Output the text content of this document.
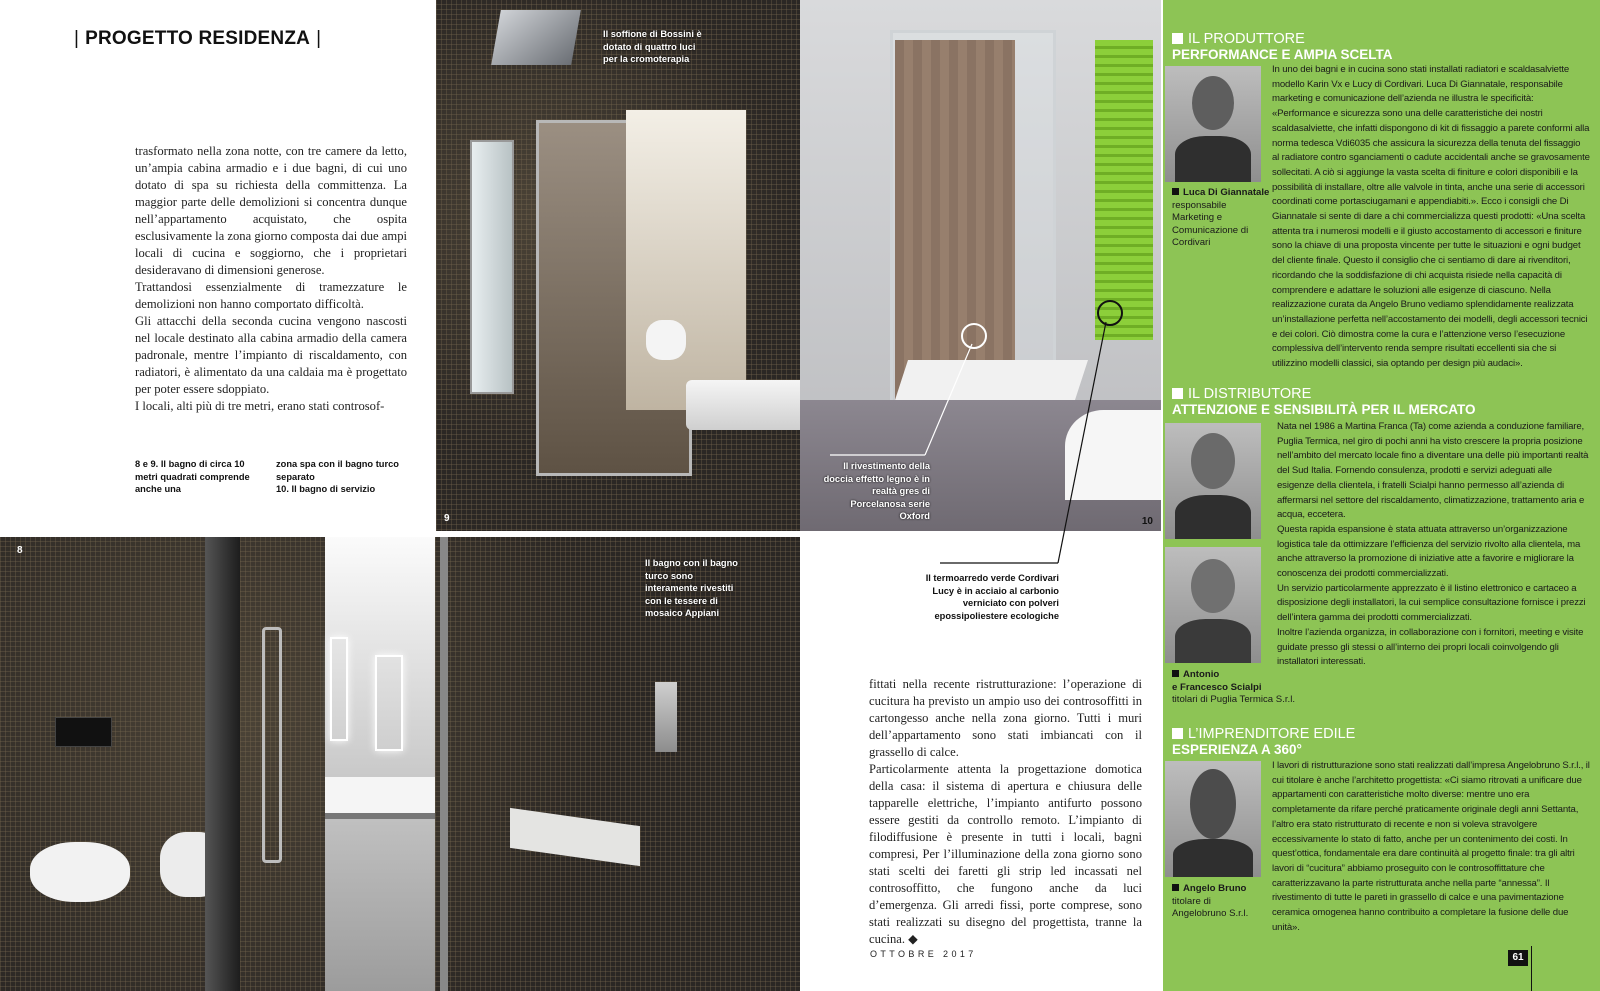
| PROGETTO RESIDENZA |
trasformato nella zona notte, con tre camere da letto, un’ampia cabina armadio e i due bagni, di cui uno dotato di spa su richiesta della committenza. La maggior parte delle demolizioni si concentra dunque nell’appartamento acquistato, che ospita esclusivamente la zona giorno composta dai due ampi locali di cucina e soggiorno, che i proprietari desideravano di dimensioni generose.
Trattandosi essenzialmente di tramezzature le demolizioni non hanno comportato difficoltà.
Gli attacchi della seconda cucina vengono nascosti nel locale destinato alla cabina armadio della camera padronale, mentre l’impianto di riscaldamento, con radiatori, è alimentato da una caldaia ma è progettato per poter essere sdoppiato.
I locali, alti più di tre metri, erano stati controsof-
8 e 9. Il bagno di circa 10 metri quadrati comprende anche una
zona spa con il bagno turco separato
10. Il bagno di servizio
Il soffione di Bossini è dotato di quattro luci per la cromoterapia
9
Il rivestimento della doccia effetto legno è in realtà gres di Porcelanosa serie Oxford	10
Il bagno con il bagno turco sono interamente rivestiti con le tessere di mosaico Appiani
8
Il termoarredo verde Cordivari Lucy è in acciaio al carbonio verniciato con polveri epossipoliestere ecologiche
fittati nella recente ristrutturazione: l’operazione di cucitura ha previsto un ampio uso dei controsoffitti in cartongesso anche nella zona giorno. Tutti i muri dell’appartamento sono stati imbiancati con il grassello di calce.
Particolarmente attenta la progettazione domotica della casa: il sistema di apertura e chiusura delle tapparelle elettriche, l’impianto antifurto possono essere gestiti da controllo remoto. L’impianto di filodiffusione è presente in tutti i locali, bagni compresi, Per l’illuminazione della zona giorno sono stati scelti dei faretti gli strip led incassati nel controsoffitto, che fungono anche da luci d’emergenza. Gli arredi fissi, porte comprese, sono stati realizzati su disegno del progettista, tranne la cucina. ◆
OTTOBRE 2017
IL PRODUTTORE
PERFORMANCE E AMPIA SCELTA
Luca Di Giannatale
responsabile Marketing e Comunicazione di Cordivari
In uno dei bagni e in cucina sono stati installati radiatori e scaldasalviette modello Karin Vx e Lucy di Cordivari. Luca Di Giannatale, responsabile marketing e comunicazione dell’azienda ne illustra le specificità: «Performance e sicurezza sono una delle caratteristiche dei nostri scaldasalviette, che infatti dispongono di kit di fissaggio a parete conformi alla norma tedesca Vdi6035 che assicura la sicurezza della tenuta del fissaggio al radiatore contro sganciamenti o cadute accidentali anche se gravosamente sollecitati. A ciò si aggiunge la vasta scelta di finiture e colori disponibili e la possibilità di installare, oltre alle valvole in tinta, anche una serie di accessori coordinati come portasciugamani e appendiabiti.». Ecco i consigli che Di Giannatale si sente di dare a chi commercializza questi prodotti: «Una scelta attenta tra i numerosi modelli e il giusto accostamento di accessori e finiture sono la chiave di una proposta vincente per tutte le situazioni e ogni budget del cliente finale. Questo il consiglio che ci sentiamo di dare ai rivenditori, ricordando che la soddisfazione di chi acquista risiede nella capacità di comprendere e adattare le soluzioni alle esigenze di ciascuno. Nella realizzazione curata da Angelo Bruno vediamo splendidamente realizzata un’installazione perfetta nell’accostamento dei modelli, degli accessori tecnici e dei colori. Ciò dimostra come la cura e l’attenzione verso l’esecuzione complessiva dell’intervento renda sempre risultati eccellenti sia che si utilizzino modelli classici, sia optando per design più audaci».
IL DISTRIBUTORE
ATTENZIONE E SENSIBILITÀ PER IL MERCATO
Antonio
e Francesco Scialpi
titolari di Puglia Termica S.r.l.
Nata nel 1986 a Martina Franca (Ta) come azienda a conduzione familiare, Puglia Termica, nel giro di pochi anni ha visto crescere la propria posizione nell’ambito del mercato locale fino a diventare una delle più importanti realtà del Sud Italia. Fornendo consulenza, prodotti e servizi adeguati alle esigenze della clientela, i fratelli Scialpi hanno permesso all’azienda di affermarsi nel settore del riscaldamento, climatizzazione, trattamento aria e acqua, eccetera.
Questa rapida espansione è stata attuata attraverso un’organizzazione logistica tale da ottimizzare l’efficienza del servizio rivolto alla clientela, ma anche attraverso la promozione di iniziative atte a favorire e migliorare la conoscenza dei prodotti commercializzati.
Un servizio particolarmente apprezzato è il listino elettronico e cartaceo a disposizione degli installatori, la cui semplice consultazione fornisce i prezzi dell’intera gamma dei prodotti commercializzati.
Inoltre l’azienda organizza, in collaborazione con i fornitori, meeting e visite guidate presso gli stessi o all’interno dei propri locali coinvolgendo gli installatori interessati.
L’IMPRENDITORE EDILE
ESPERIENZA A 360°
Angelo Bruno
titolare di Angelobruno S.r.l.
I lavori di ristrutturazione sono stati realizzati dall’impresa Angelobruno S.r.l., il cui titolare è anche l’architetto progettista: «Ci siamo ritrovati a unificare due appartamenti con caratteristiche molto diverse: mentre uno era completamente da rifare perché praticamente originale degli anni Settanta, l’altro era stato ristrutturato di recente e non si voleva stravolgere eccessivamente lo stato di fatto, anche per un contenimento dei costi. In quest’ottica, fondamentale era dare continuità al progetto finale: tra gli altri lavori di “cucitura” abbiamo proseguito con le controsoffittature che caratterizzavano la parte ristrutturata anche nella parte “annessa”. Il rivestimento di tutte le pareti in grassello di calce e una pavimentazione ceramica omogenea hanno contribuito a completare la fusione delle due unità».
61
